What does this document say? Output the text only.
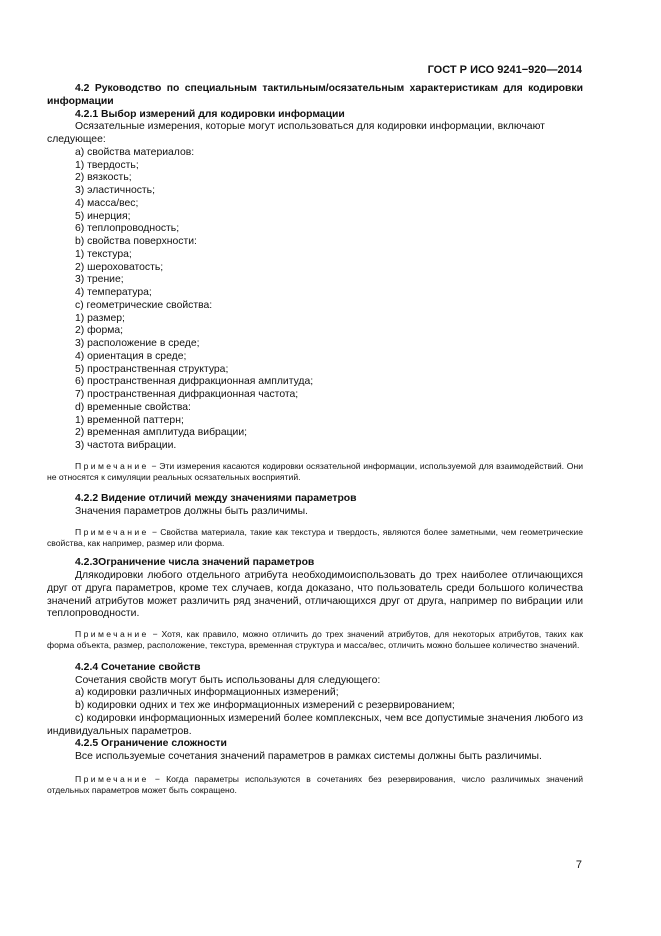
ГОСТ Р ИСО 9241−920—2014

4.2 Руководство по специальным тактильным/осязательным характеристикам для кодировки информации

4.2.1 Выбор измерений для кодировки информации

Осязательные измерения, которые могут использоваться для кодировки информации, включают следующее:

a) свойства материалов:

1) твердость;

2) вязкость;

3) эластичность;

4) масса/вес;

5) инерция;

6) теплопроводность;

b) свойства поверхности:

1) текстура;

2) шероховатость;

3) трение;

4) температура;

c) геометрические свойства:

1) размер;

2) форма;

3) расположение в среде;

4) ориентация в среде;

5) пространственная структура;

6) пространственная дифракционная амплитуда;

7) пространственная дифракционная частота;

d) временные свойства:

1) временной паттерн;

2) временная амплитуда вибрации;

3) частота вибрации.

Примечание − Эти измерения касаются кодировки осязательной информации, используемой для взаимодействий. Они не относятся к симуляции реальных осязательных восприятий.

4.2.2 Видение отличий между значениями параметров

Значения параметров должны быть различимы.

Примечание − Свойства материала, такие как текстура и твердость, являются более заметными, чем геометрические свойства, как например, размер или форма.

4.2.3Ограничение числа значений параметров

Длякодировки любого отдельного атрибута необходимоиспользовать до трех наиболее отличающихся друг от друга параметров, кроме тех случаев, когда доказано, что пользователь среди большого количества значений атрибутов может различить ряд значений, отличающихся друг от друга, например по вибрации или теплопроводности.

Примечание − Хотя, как правило, можно отличить до трех значений атрибутов, для некоторых атрибутов, таких как форма объекта, размер, расположение, текстура, временная структура и масса/вес, отличить можно большее количество значений.

4.2.4 Сочетание свойств

Сочетания свойств могут быть использованы для следующего:

a) кодировки различных информационных измерений;

b) кодировки одних и тех же информационных измерений с резервированием;

c) кодировки информационных измерений более комплексных, чем все допустимые значения любого из индивидуальных параметров.

4.2.5 Ограничение сложности

Все используемые сочетания значений параметров в рамках системы должны быть различимы.

Примечание − Когда параметры используются в сочетаниях без резервирования, число различимых значений отдельных параметров может быть сокращено.

7
